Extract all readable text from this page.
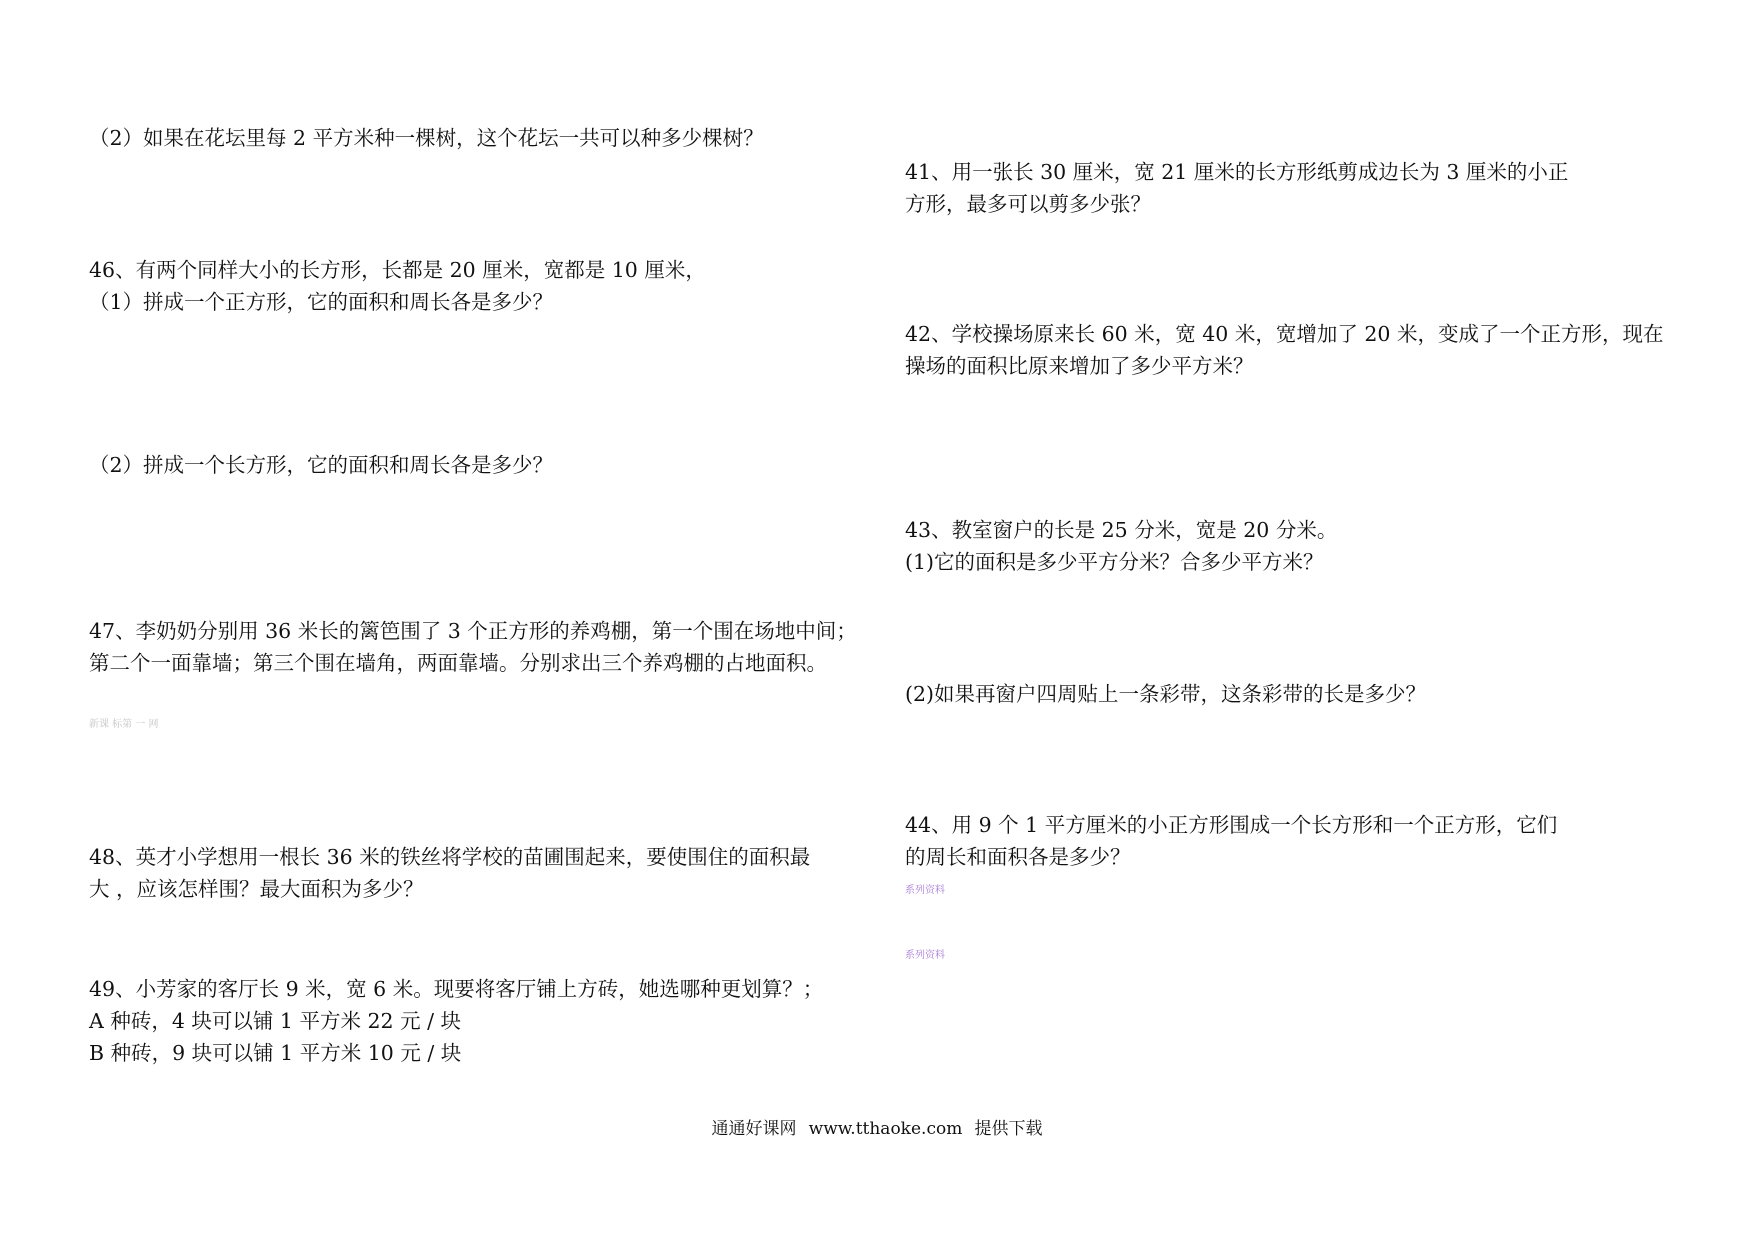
（2）如果在花坛里每 2 平方米种一棵树，这个花坛一共可以种多少棵树？
46、有两个同样大小的长方形，长都是 20 厘米，宽都是 10 厘米，
（1）拼成一个正方形，它的面积和周长各是多少？
（2）拼成一个长方形，它的面积和周长各是多少？
47、李奶奶分别用 36 米长的篱笆围了 3 个正方形的养鸡棚，第一个围在场地中间；
第二个一面靠墙；第三个围在墙角，两面靠墙。分别求出三个养鸡棚的占地面积。
新课 标第 一 网
48、英才小学想用一根长 36 米的铁丝将学校的苗圃围起来，要使围住的面积最
大 ，应该怎样围？最大面积为多少？
49、小芳家的客厅长 9 米，宽 6 米。现要将客厅铺上方砖，她选哪种更划算？；
A 种砖，4 块可以铺 1 平方米 22 元 / 块
B 种砖，9 块可以铺 1 平方米 10 元 / 块
41、用一张长 30 厘米，宽 21 厘米的长方形纸剪成边长为 3 厘米的小正
方形，最多可以剪多少张？
42、学校操场原来长 60 米，宽 40 米，宽增加了 20 米，变成了一个正方形，现在
操场的面积比原来增加了多少平方米？
43、教室窗户的长是 25 分米，宽是 20 分米。
(1)它的面积是多少平方分米？合多少平方米？
(2)如果再窗户四周贴上一条彩带，这条彩带的长是多少？
44、用 9 个 1 平方厘米的小正方形围成一个长方形和一个正方形，它们
的周长和面积各是多少？
系列资料
系列资料
通通好课网 www.tthaoke.com 提供下载
